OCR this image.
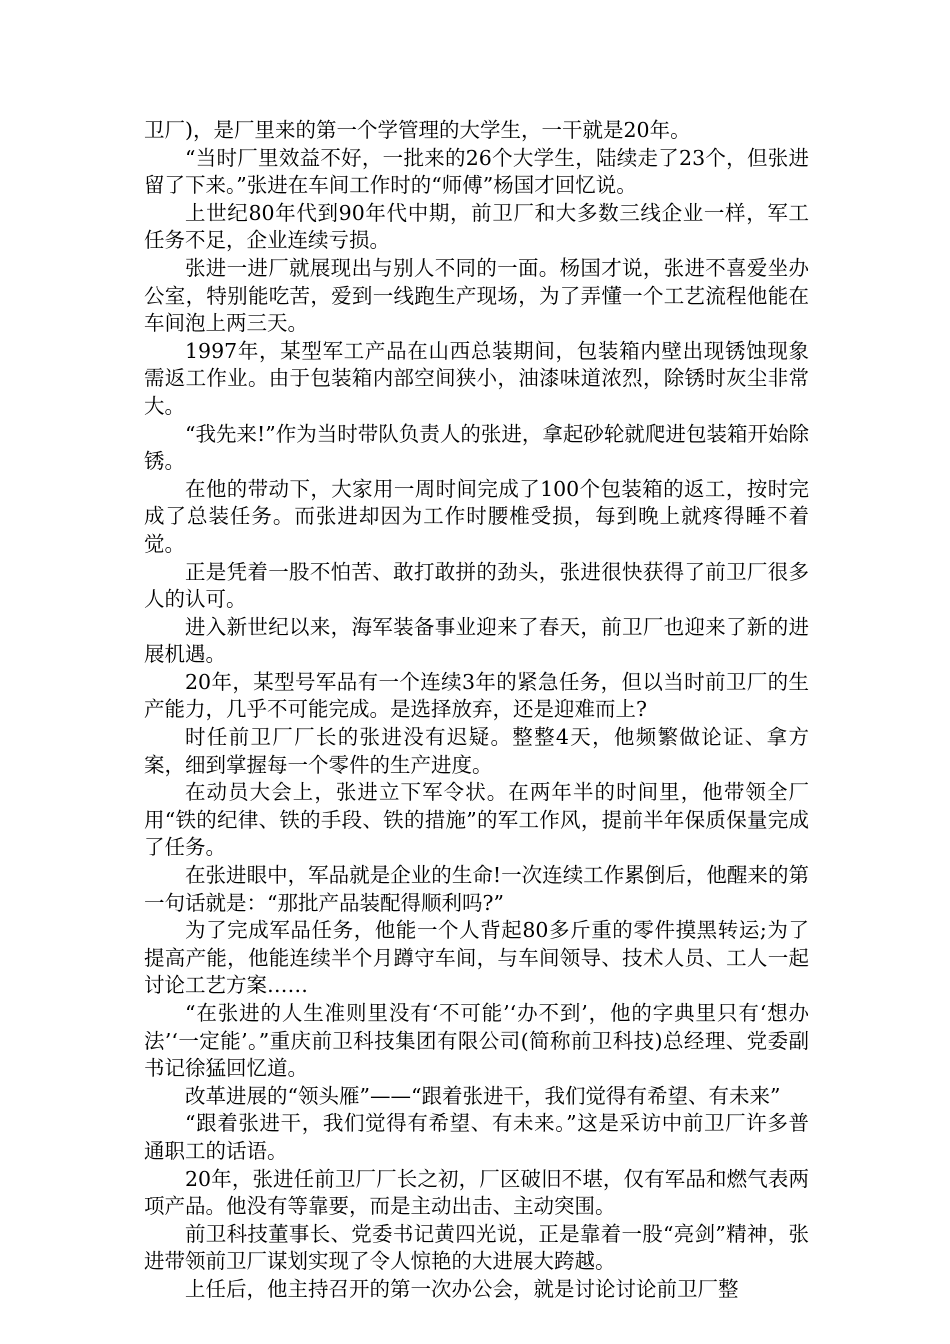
卫厂)，是厂里来的第一个学管理的大学生，一干就是20年。

“当时厂里效益不好，一批来的26个大学生，陆续走了23个，但张进留了下来。”张进在车间工作时的“师傅”杨国才回忆说。

上世纪80年代到90年代中期，前卫厂和大多数三线企业一样，军工任务不足，企业连续亏损。

张进一进厂就展现出与别人不同的一面。杨国才说，张进不喜爱坐办公室，特别能吃苦，爱到一线跑生产现场，为了弄懂一个工艺流程他能在车间泡上两三天。

1997年，某型军工产品在山西总装期间，包装箱内壁出现锈蚀现象需返工作业。由于包装箱内部空间狭小，油漆味道浓烈，除锈时灰尘非常大。

“我先来!”作为当时带队负责人的张进，拿起砂轮就爬进包装箱开始除锈。

在他的带动下，大家用一周时间完成了100个包装箱的返工，按时完成了总装任务。而张进却因为工作时腰椎受损，每到晚上就疼得睡不着觉。

正是凭着一股不怕苦、敢打敢拼的劲头，张进很快获得了前卫厂很多人的认可。

进入新世纪以来，海军装备事业迎来了春天，前卫厂也迎来了新的进展机遇。

20年，某型号军品有一个连续3年的紧急任务，但以当时前卫厂的生产能力，几乎不可能完成。是选择放弃，还是迎难而上?

时任前卫厂厂长的张进没有迟疑。整整4天，他频繁做论证、拿方案，细到掌握每一个零件的生产进度。

在动员大会上，张进立下军令状。在两年半的时间里，他带领全厂用“铁的纪律、铁的手段、铁的措施”的军工作风，提前半年保质保量完成了任务。

在张进眼中，军品就是企业的生命!一次连续工作累倒后，他醒来的第一句话就是：“那批产品装配得顺利吗?”

为了完成军品任务，他能一个人背起80多斤重的零件摸黑转运;为了提高产能，他能连续半个月蹲守车间，与车间领导、技术人员、工人一起讨论工艺方案……

“在张进的人生准则里没有‘不可能’‘办不到’，他的字典里只有‘想办法’‘一定能’。”重庆前卫科技集团有限公司(简称前卫科技)总经理、党委副书记徐猛回忆道。

改革进展的“领头雁”——“跟着张进干，我们觉得有希望、有未来”

“跟着张进干，我们觉得有希望、有未来。”这是采访中前卫厂许多普通职工的话语。

20年，张进任前卫厂厂长之初，厂区破旧不堪，仅有军品和燃气表两项产品。他没有等靠要，而是主动出击、主动突围。

前卫科技董事长、党委书记黄四光说，正是靠着一股“亮剑”精神，张进带领前卫厂谋划实现了令人惊艳的大进展大跨越。

上任后，他主持召开的第一次办公会，就是讨论讨论前卫厂整
